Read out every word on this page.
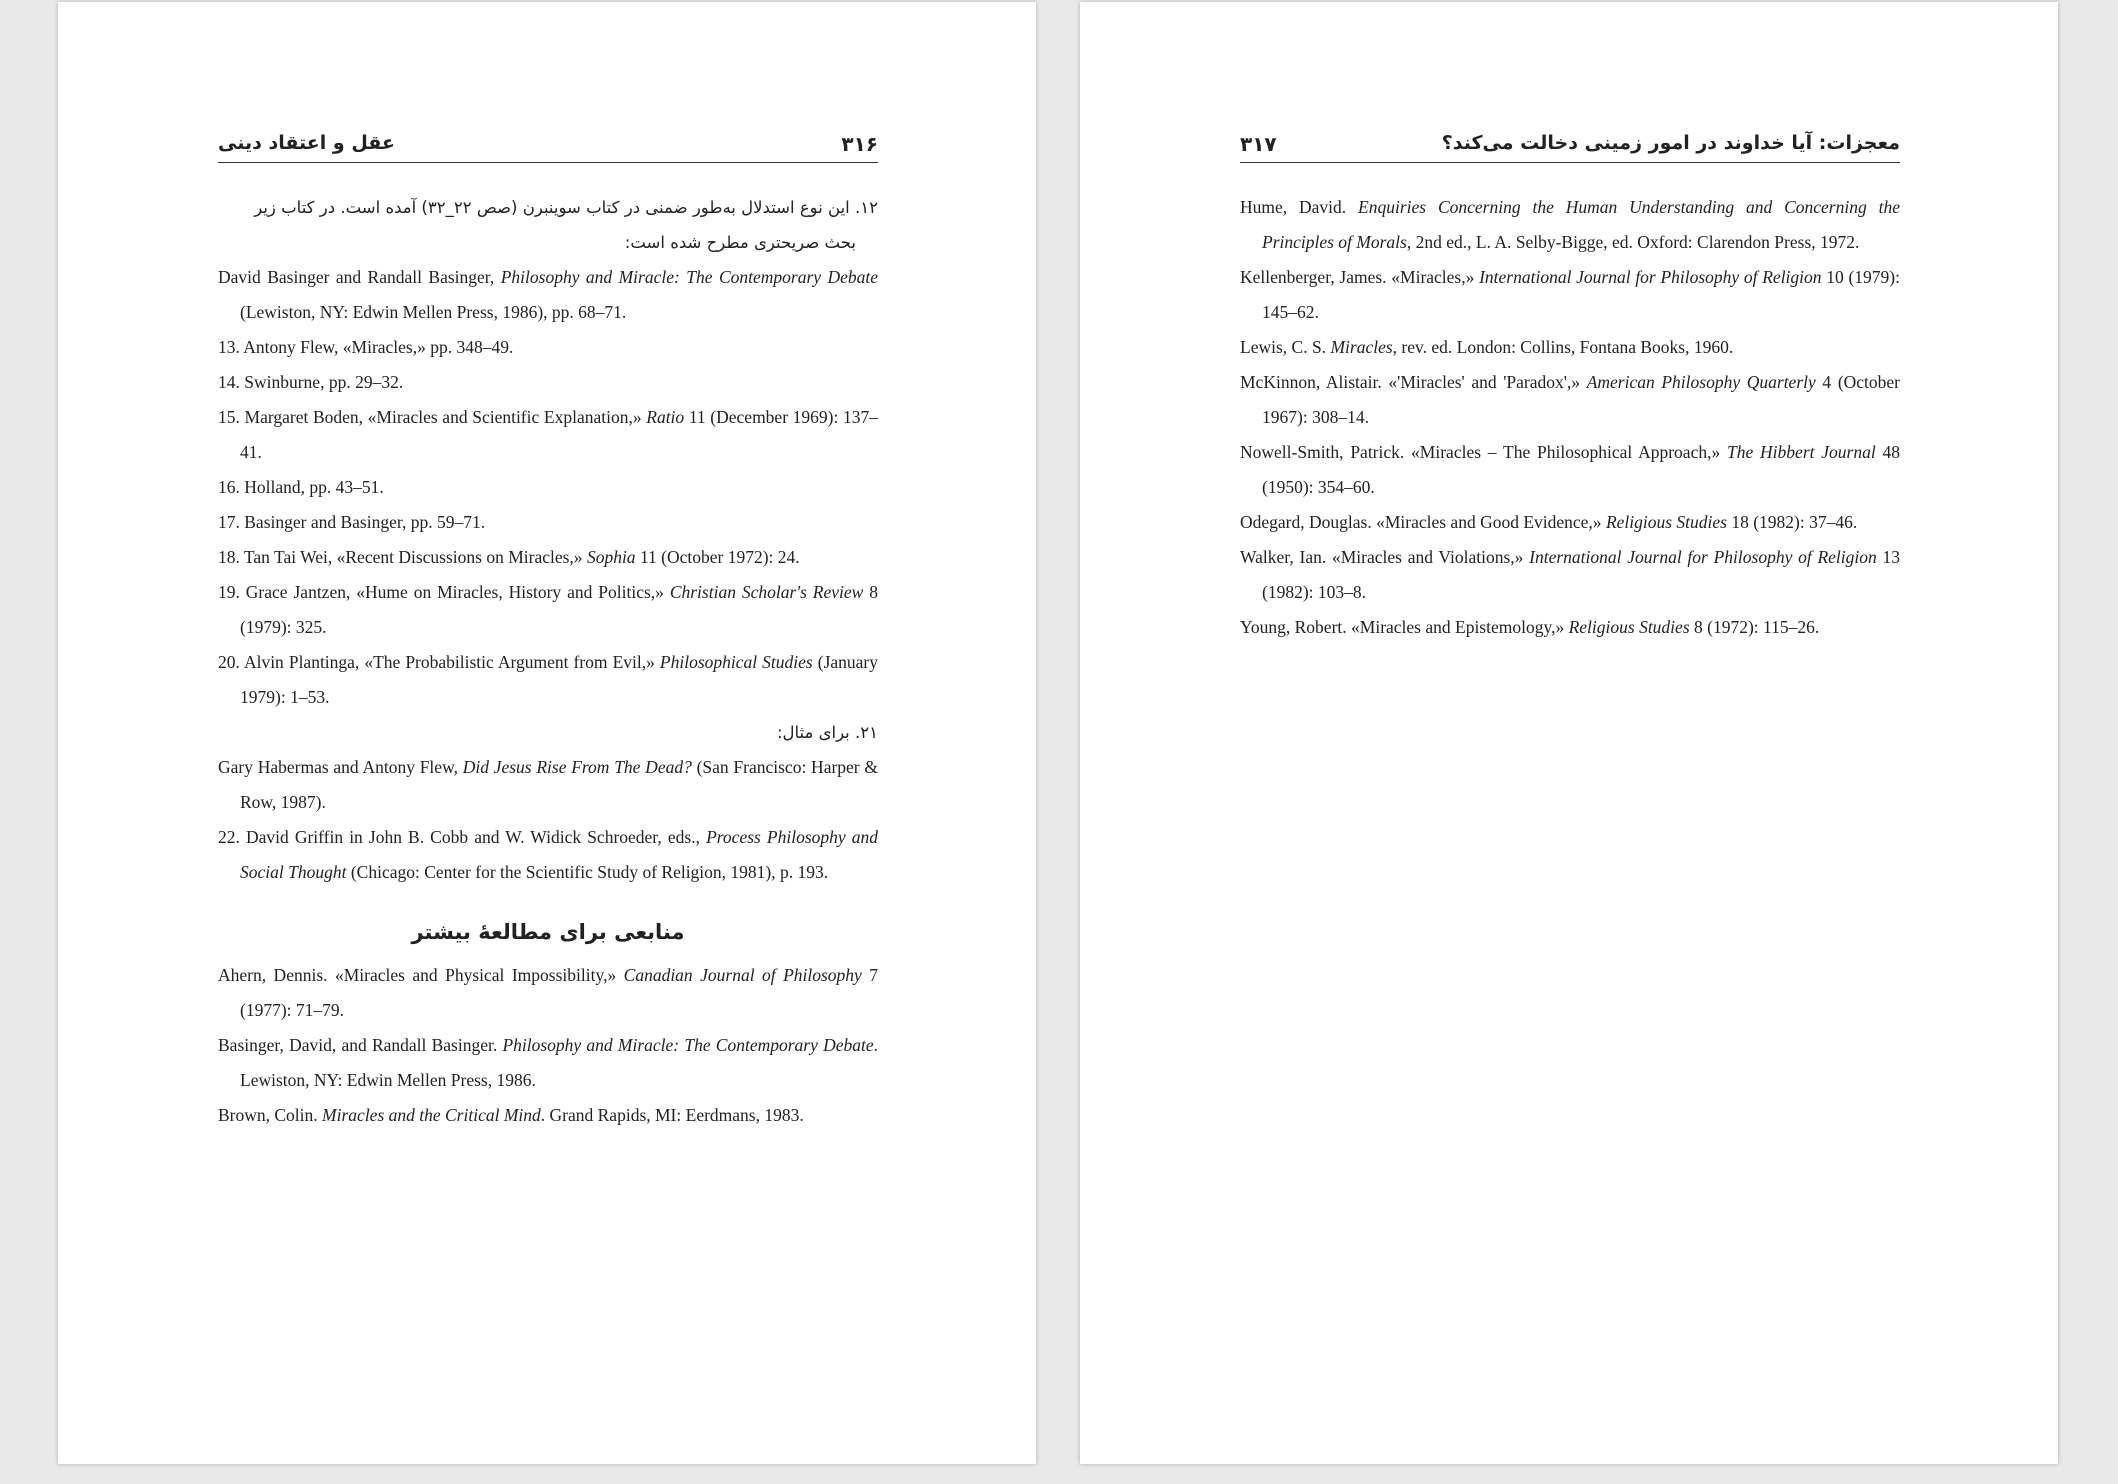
عقل و اعتقاد دینی	۳۱۶

۱۲. این نوع استدلال به‌طور ضمنی در کتاب سوینبرن (صص ۲۲_۳۲) آمده است. در کتاب زیر
بحث صریحتری مطرح شده است:

David Basinger and Randall Basinger, Philosophy and Miracle: The Contemporary Debate (Lewiston, NY: Edwin Mellen Press, 1986), pp. 68–71.

13. Antony Flew, «Miracles,» pp. 348–49.

14. Swinburne, pp. 29–32.

15. Margaret Boden, «Miracles and Scientific Explanation,» Ratio 11 (December 1969): 137–41.

16. Holland, pp. 43–51.

17. Basinger and Basinger, pp. 59–71.

18. Tan Tai Wei, «Recent Discussions on Miracles,» Sophia 11 (October 1972): 24.

19. Grace Jantzen, «Hume on Miracles, History and Politics,» Christian Scholar's Review 8 (1979): 325.

20. Alvin Plantinga, «The Probabilistic Argument from Evil,» Philosophical Studies (January 1979): 1–53.

۲۱. برای مثال:

Gary Habermas and Antony Flew, Did Jesus Rise From The Dead? (San Francisco: Harper & Row, 1987).

22. David Griffin in John B. Cobb and W. Widick Schroeder, eds., Process Philosophy and Social Thought (Chicago: Center for the Scientific Study of Religion, 1981), p. 193.

منابعی برای مطالعهٔ بیشتر

Ahern, Dennis. «Miracles and Physical Impossibility,» Canadian Journal of Philosophy 7 (1977): 71–79.

Basinger, David, and Randall Basinger. Philosophy and Miracle: The Contemporary Debate. Lewiston, NY: Edwin Mellen Press, 1986.

Brown, Colin. Miracles and the Critical Mind. Grand Rapids, MI: Eerdmans, 1983.

۳۱۷	معجزات: آیا خداوند در امور زمینی دخالت می‌کند؟

Hume, David. Enquiries Concerning the Human Understanding and Concerning the Principles of Morals, 2nd ed., L. A. Selby-Bigge, ed. Oxford: Clarendon Press, 1972.

Kellenberger, James. «Miracles,» International Journal for Philosophy of Religion 10 (1979): 145–62.

Lewis, C. S. Miracles, rev. ed. London: Collins, Fontana Books, 1960.

McKinnon, Alistair. «'Miracles' and 'Paradox',» American Philosophy Quarterly 4 (October 1967): 308–14.

Nowell-Smith, Patrick. «Miracles – The Philosophical Approach,» The Hibbert Journal 48 (1950): 354–60.

Odegard, Douglas. «Miracles and Good Evidence,» Religious Studies 18 (1982): 37–46.

Walker, Ian. «Miracles and Violations,» International Journal for Philosophy of Religion 13 (1982): 103–8.

Young, Robert. «Miracles and Epistemology,» Religious Studies 8 (1972): 115–26.
